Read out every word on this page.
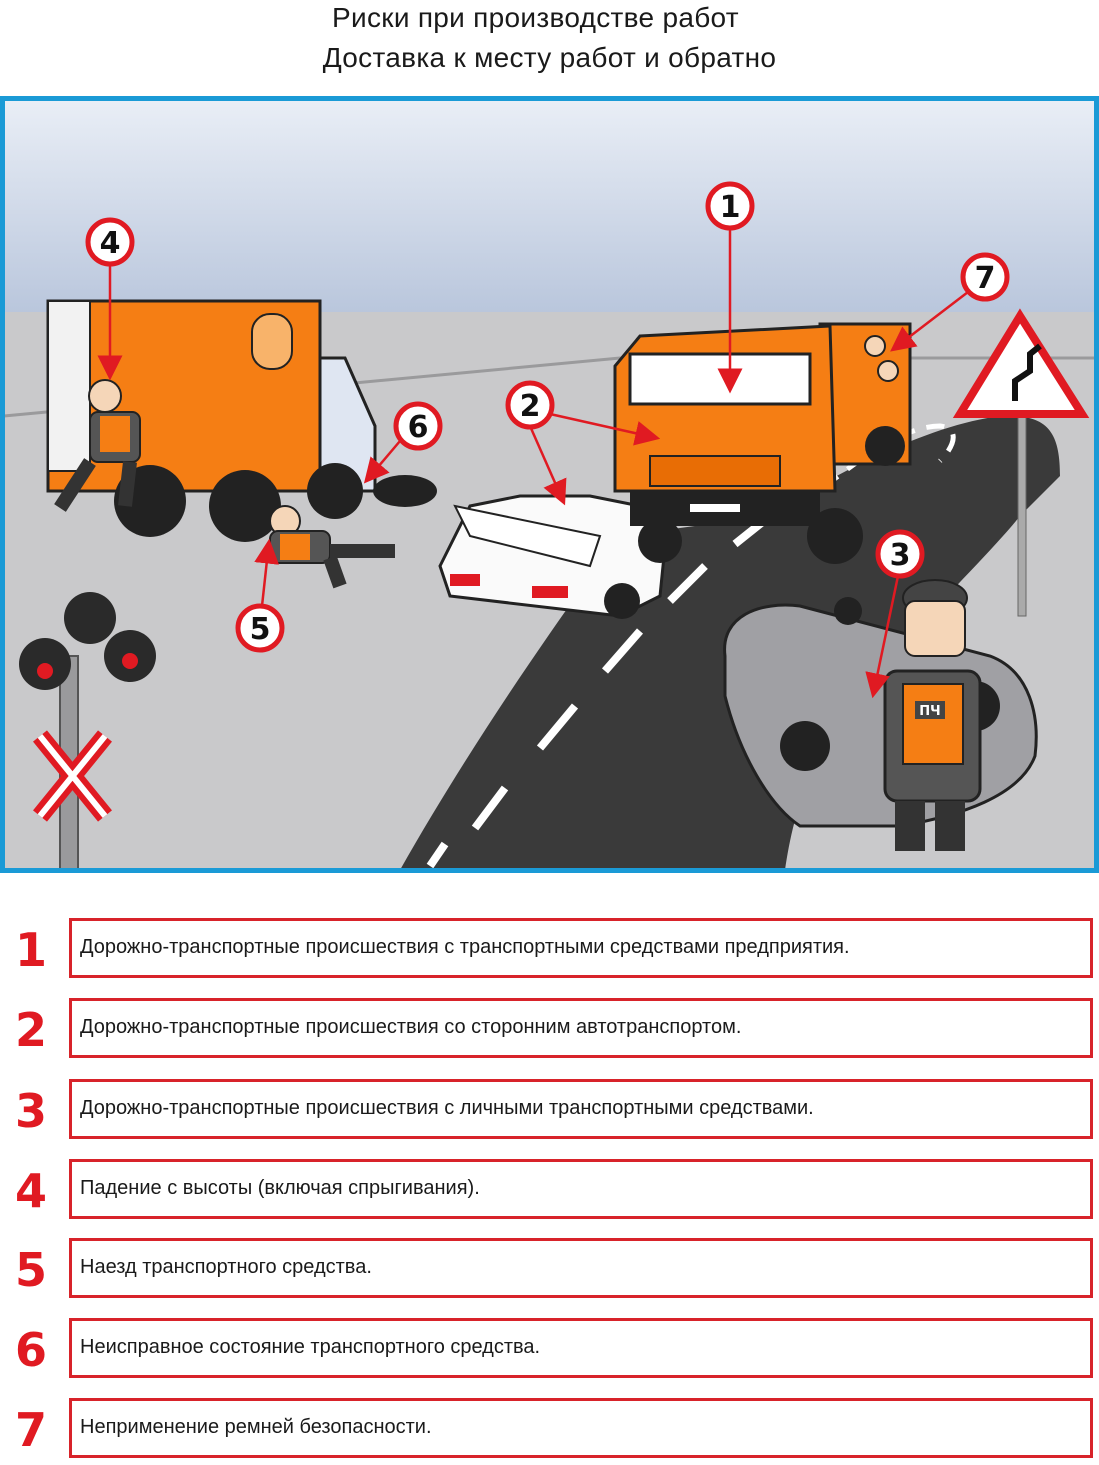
Риски при производстве работ
Доставка к месту работ и обратно
ПЧ
1
2
3
4
5
6
7
1	Дорожно-транспортные происшествия с транспортными средствами предприятия.
2	Дорожно-транспортные происшествия со сторонним автотранспортом.
3	Дорожно-транспортные происшествия с личными транспортными средствами.
4	Падение с высоты (включая спрыгивания).
5	Наезд транспортного средства.
6	Неисправное состояние транспортного средства.
7	Неприменение ремней безопасности.
